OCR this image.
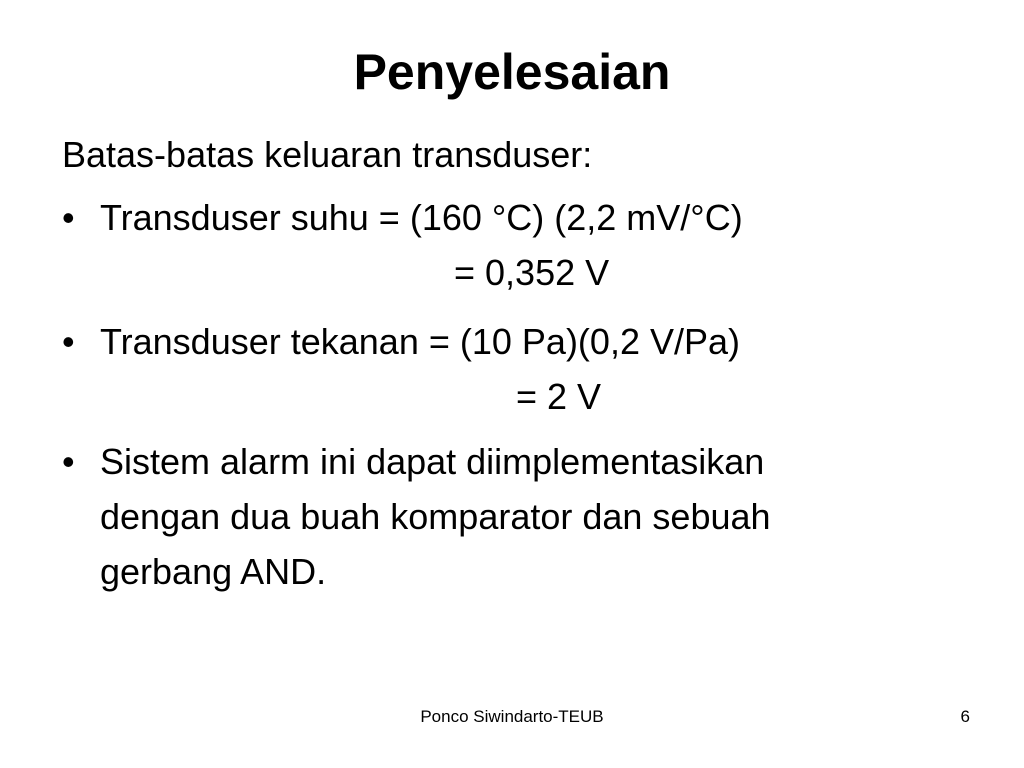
Penyelesaian
Batas-batas keluaran transduser:
• Transduser suhu = (160 °C) (2,2 mV/°C)
= 0,352 V
• Transduser tekanan = (10 Pa)(0,2 V/Pa)
= 2 V
• Sistem alarm ini dapat diimplementasikan
dengan dua buah komparator dan sebuah
gerbang AND.
Ponco Siwindarto-TEUB	6
